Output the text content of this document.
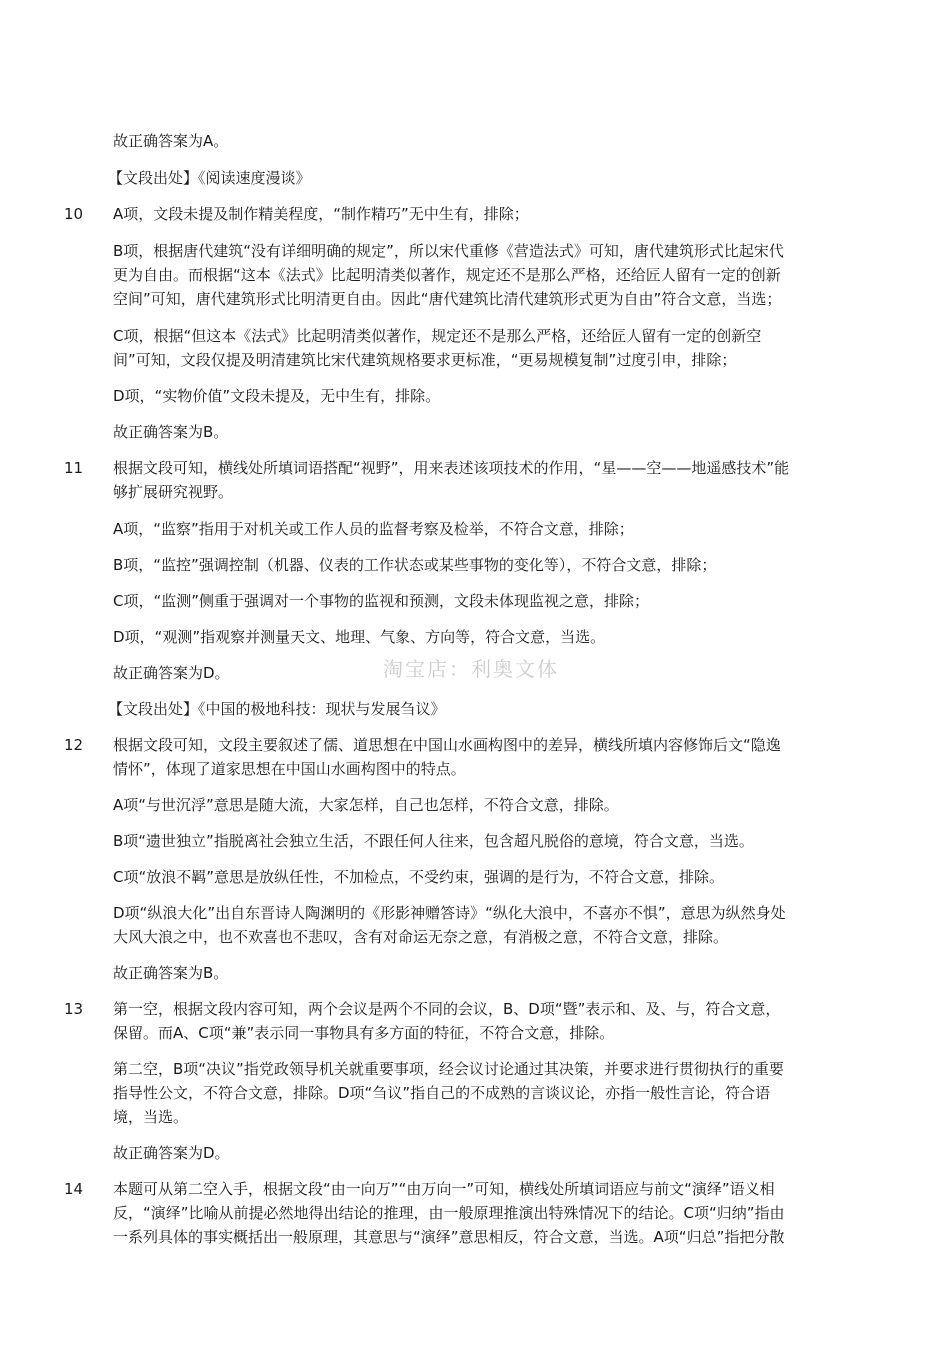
故正确答案为A。
【文段出处】《阅读速度漫谈》
10 A项，文段未提及制作精美程度，“制作精巧”无中生有，排除；
B项，根据唐代建筑“没有详细明确的规定”，所以宋代重修《营造法式》可知，唐代建筑形式比起宋代
更为自由。而根据“这本《法式》比起明清类似著作，规定还不是那么严格，还给匠人留有一定的创新
空间”可知，唐代建筑形式比明清更自由。因此“唐代建筑比清代建筑形式更为自由”符合文意，当选；
C项，根据“但这本《法式》比起明清类似著作，规定还不是那么严格，还给匠人留有一定的创新空
间”可知，文段仅提及明清建筑比宋代建筑规格要求更标准，“更易规模复制”过度引申，排除；
D项，“实物价值”文段未提及，无中生有，排除。
故正确答案为B。
11 根据文段可知，横线处所填词语搭配“视野”，用来表述该项技术的作用，“星——空——地遥感技术”能
够扩展研究视野。
A项，“监察”指用于对机关或工作人员的监督考察及检举，不符合文意，排除；
B项，“监控”强调控制（机器、仪表的工作状态或某些事物的变化等），不符合文意，排除；
C项，“监测”侧重于强调对一个事物的监视和预测，文段未体现监视之意，排除；
D项，“观测”指观察并测量天文、地理、气象、方向等，符合文意，当选。
故正确答案为D。	淘宝店：利奥文体
【文段出处】《中国的极地科技：现状与发展刍议》
12 根据文段可知，文段主要叙述了儒、道思想在中国山水画构图中的差异，横线所填内容修饰后文“隐逸
情怀”，体现了道家思想在中国山水画构图中的特点。
A项“与世沉浮”意思是随大流，大家怎样，自己也怎样，不符合文意，排除。
B项“遗世独立”指脱离社会独立生活，不跟任何人往来，包含超凡脱俗的意境，符合文意，当选。
C项“放浪不羁”意思是放纵任性，不加检点，不受约束，强调的是行为，不符合文意，排除。
D项“纵浪大化”出自东晋诗人陶渊明的《形影神赠答诗》“纵化大浪中，不喜亦不惧”，意思为纵然身处
大风大浪之中，也不欢喜也不悲叹，含有对命运无奈之意，有消极之意，不符合文意，排除。
故正确答案为B。
13 第一空，根据文段内容可知，两个会议是两个不同的会议，B、D项“暨”表示和、及、与，符合文意，
保留。而A、C项“兼”表示同一事物具有多方面的特征，不符合文意，排除。
第二空，B项“决议”指党政领导机关就重要事项，经会议讨论通过其决策，并要求进行贯彻执行的重要
指导性公文，不符合文意，排除。D项“刍议”指自己的不成熟的言谈议论，亦指一般性言论，符合语
境，当选。
故正确答案为D。
14 本题可从第二空入手，根据文段“由一向万”“由万向一”可知，横线处所填词语应与前文“演绎”语义相
反，“演绎”比喻从前提必然地得出结论的推理，由一般原理推演出特殊情况下的结论。C项“归纳”指由
一系列具体的事实概括出一般原理，其意思与“演绎”意思相反，符合文意，当选。A项“归总”指把分散
